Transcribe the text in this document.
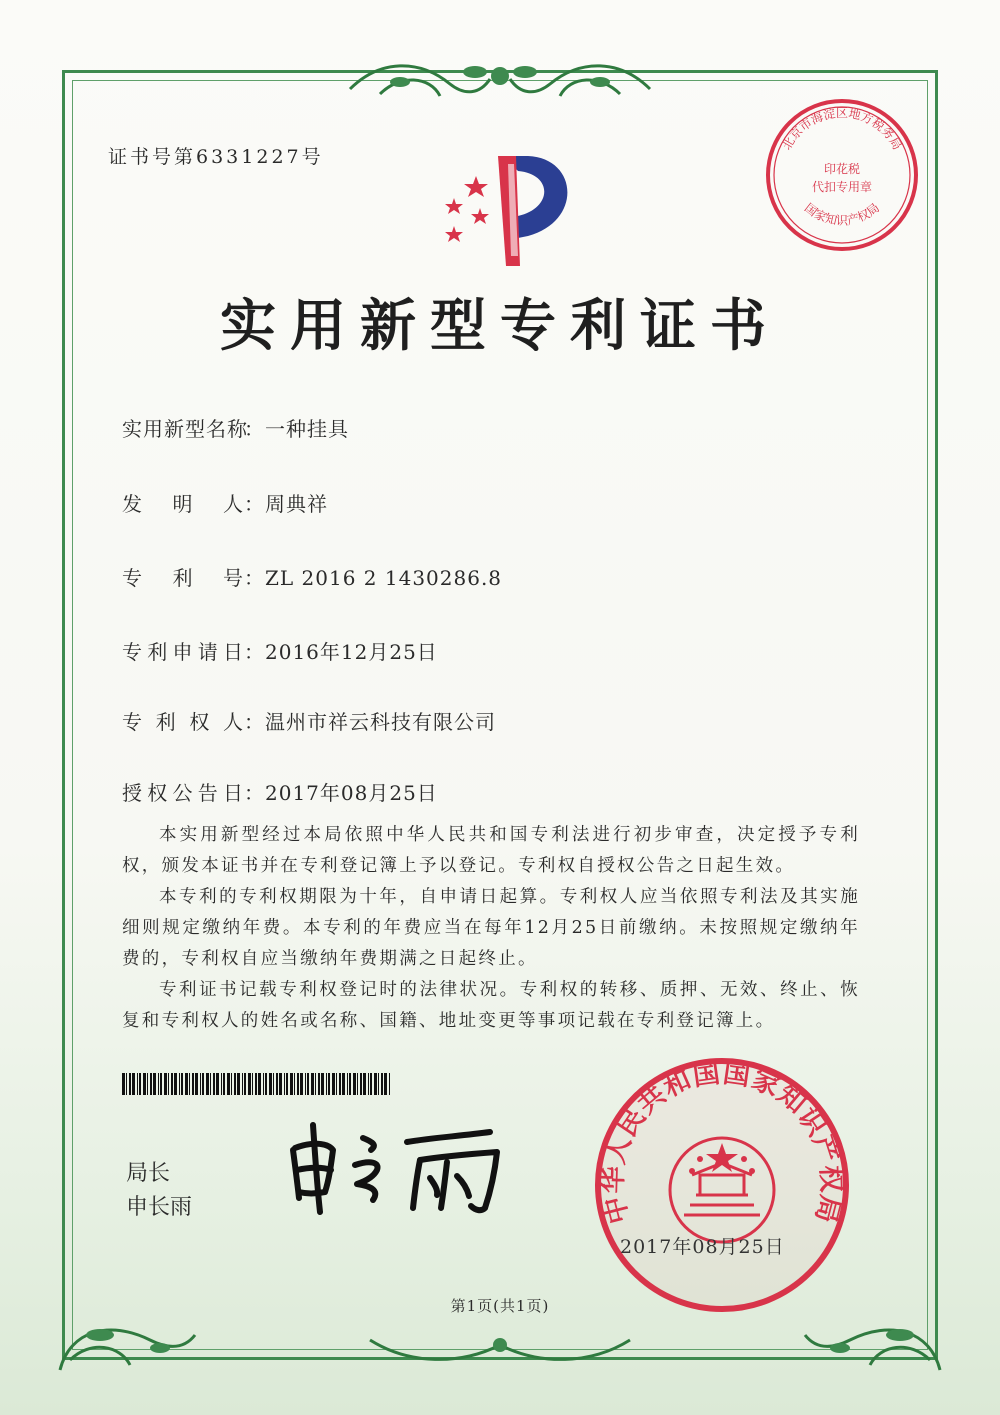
证书号第6331227号
北京市海淀区地方税务局
印花税
代扣专用章
国家知识产权局
实用新型专利证书
实用新型名称：一种挂具
发明人：周典祥
专利号：ZL 2016 2 1430286.8
专利申请日：2016年12月25日
专利权人：温州市祥云科技有限公司
授权公告日：2017年08月25日
本实用新型经过本局依照中华人民共和国专利法进行初步审查，决定授予专利权，颁发本证书并在专利登记簿上予以登记。专利权自授权公告之日起生效。
本专利的专利权期限为十年，自申请日起算。专利权人应当依照专利法及其实施细则规定缴纳年费。本专利的年费应当在每年12月25日前缴纳。未按照规定缴纳年费的，专利权自应当缴纳年费期满之日起终止。
专利证书记载专利权登记时的法律状况。专利权的转移、质押、无效、终止、恢复和专利权人的姓名或名称、国籍、地址变更等事项记载在专利登记簿上。
局长
申长雨	中华人民共和国国家知识产权局
2017年08月25日
第1页(共1页)
